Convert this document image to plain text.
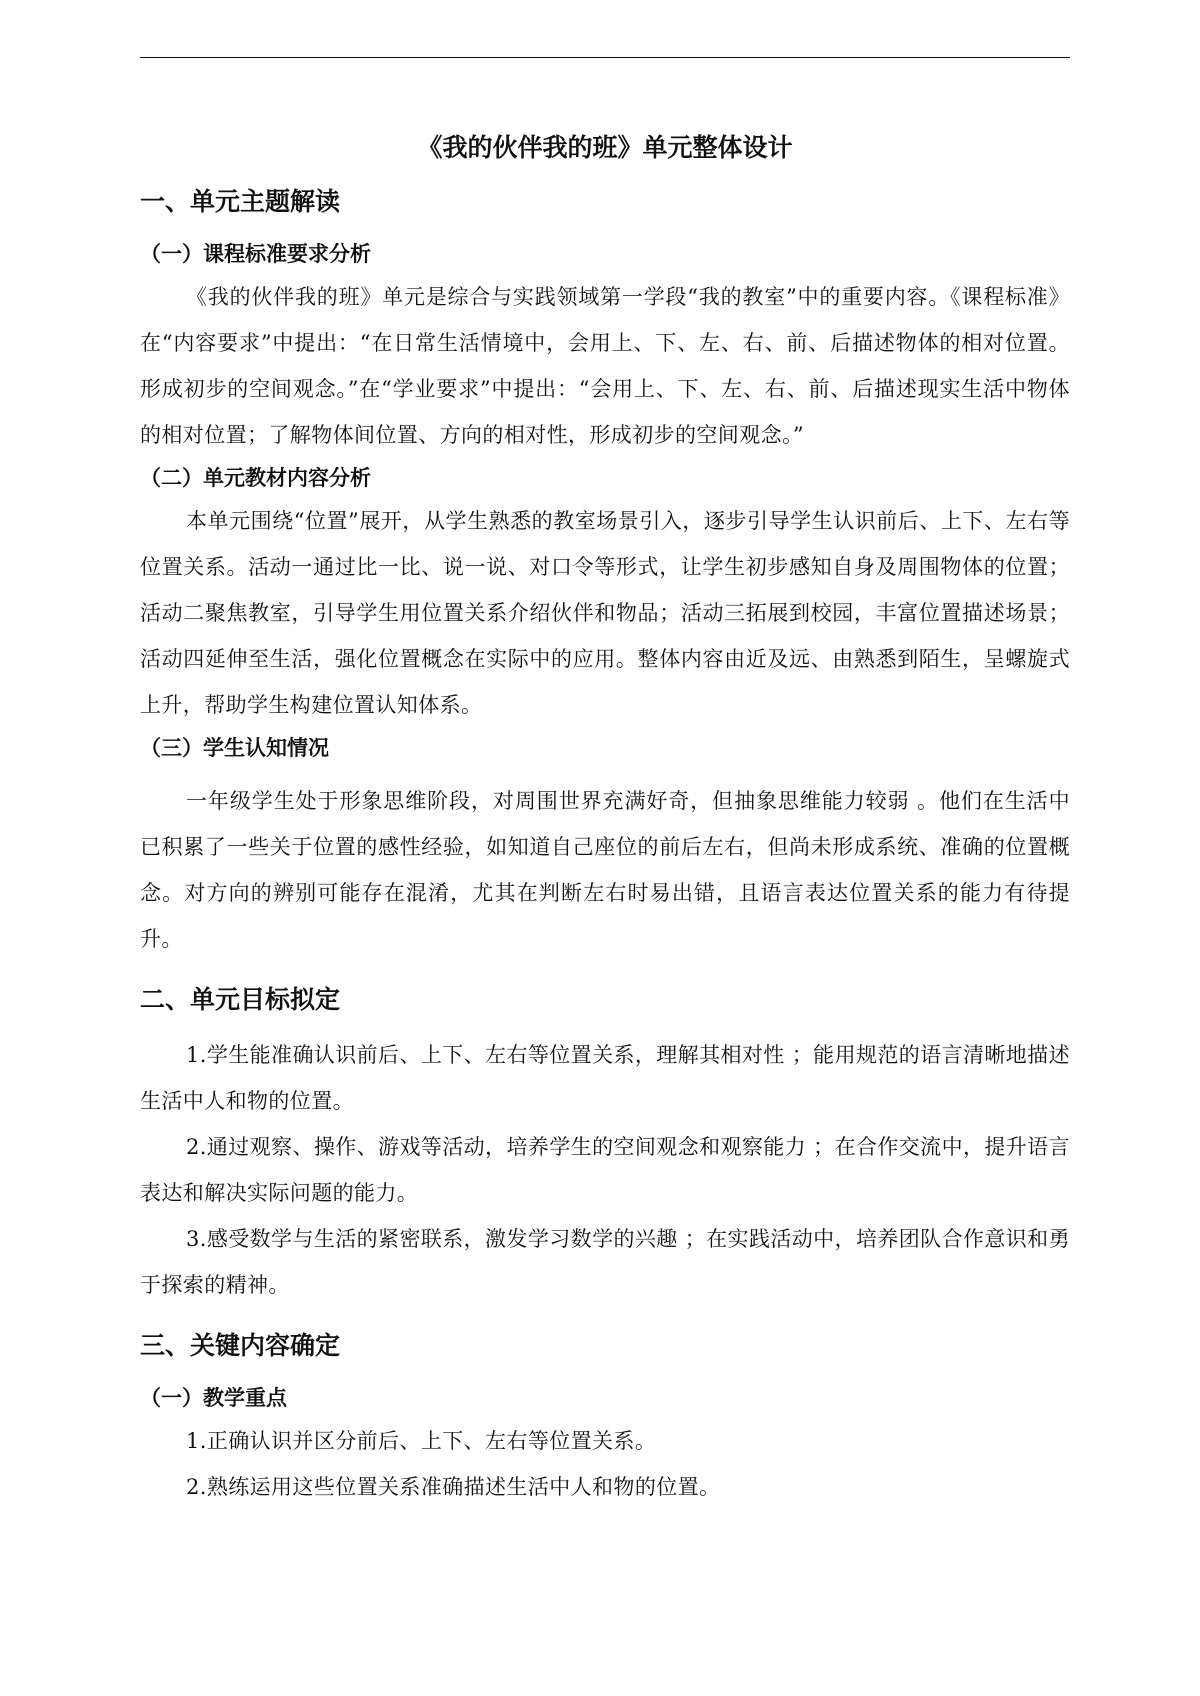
《我的伙伴我的班》单元整体设计
一、单元主题解读
（一）课程标准要求分析

《我的伙伴我的班》单元是综合与实践领域第一学段“我的教室”中的重要内容。《课程标准》 在“内容要求”中提出：“在日常生活情境中，会用上、下、左、右、前、后描述物体的相对位置。形成初步的空间观念。”在“学业要求”中提出：“会用上、下、左、右、前、后描述现实生活中物体的相对位置；了解物体间位置、方向的相对性，形成初步的空间观念。”

（二）单元教材内容分析

本单元围绕“位置”展开，从学生熟悉的教室场景引入，逐步引导学生认识前后、上下、左右等位置关系。活动一通过比一比、说一说、对口令等形式，让学生初步感知自身及周围物体的位置；活动二聚焦教室，引导学生用位置关系介绍伙伴和物品；活动三拓展到校园，丰富位置描述场景；活动四延伸至生活，强化位置概念在实际中的应用。整体内容由近及远、由熟悉到陌生，呈螺旋式上升，帮助学生构建位置认知体系。

（三）学生认知情况

一年级学生处于形象思维阶段，对周围世界充满好奇，但抽象思维能力较弱 。他们在生活中已积累了一些关于位置的感性经验，如知道自己座位的前后左右，但尚未形成系统、准确的位置概念。对方向的辨别可能存在混淆，尤其在判断左右时易出错，且语言表达位置关系的能力有待提升。

二、单元目标拟定

1.学生能准确认识前后、上下、左右等位置关系，理解其相对性 ；能用规范的语言清晰地描述生活中人和物的位置。

2.通过观察、操作、游戏等活动，培养学生的空间观念和观察能力 ；在合作交流中，提升语言表达和解决实际问题的能力。

3.感受数学与生活的紧密联系，激发学习数学的兴趣 ；在实践活动中，培养团队合作意识和勇于探索的精神。

三、关键内容确定
（一）教学重点

1.正确认识并区分前后、上下、左右等位置关系。

2.熟练运用这些位置关系准确描述生活中人和物的位置。
